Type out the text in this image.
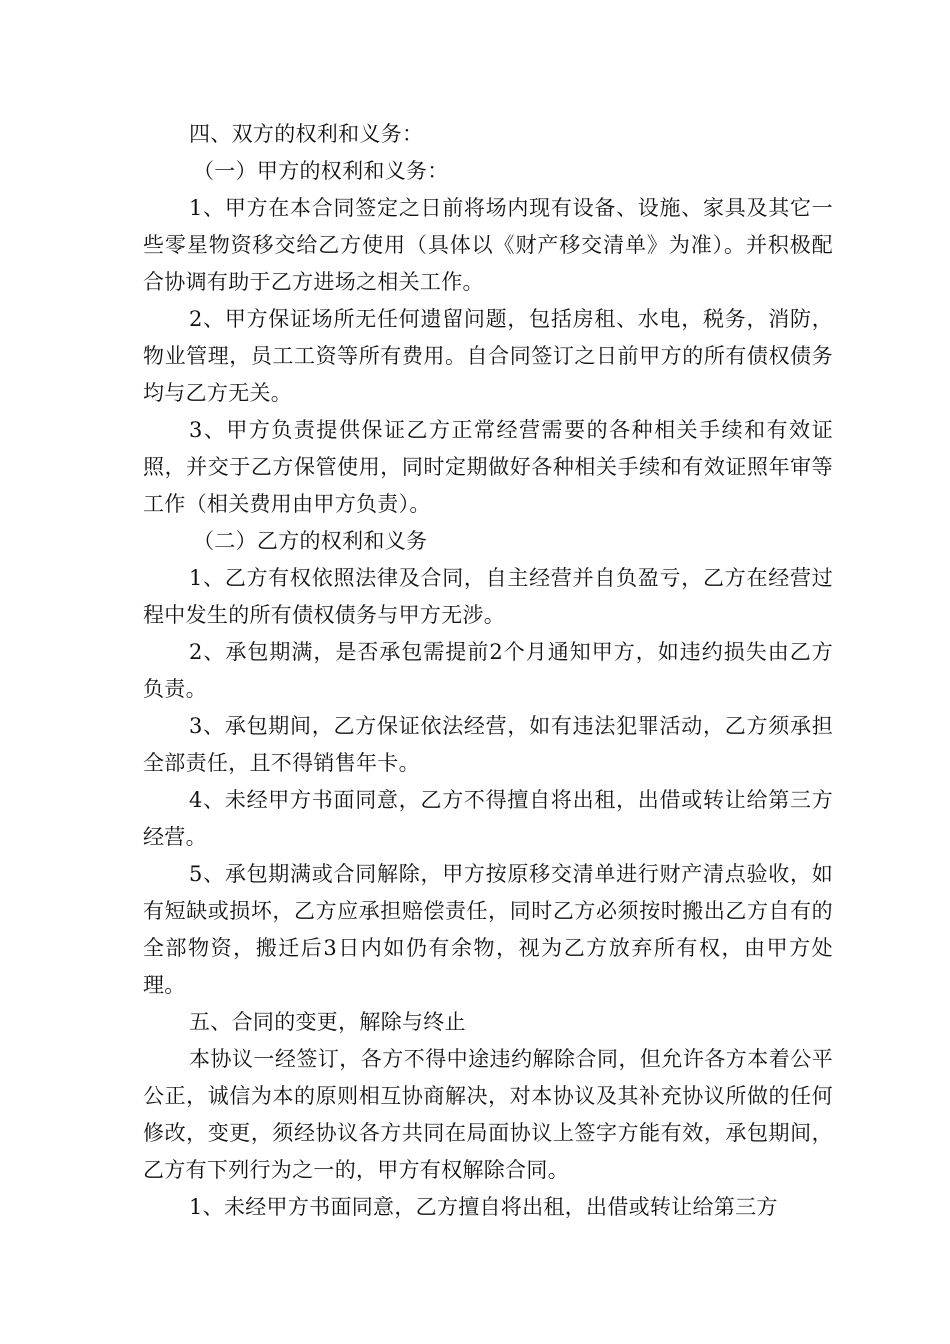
四、双方的权利和义务：

（一）甲方的权利和义务：

1、甲方在本合同签定之日前将场内现有设备、设施、家具及其它一些零星物资移交给乙方使用（具体以《财产移交清单》为准）。并积极配合协调有助于乙方进场之相关工作。

2、甲方保证场所无任何遗留问题，包括房租、水电，税务，消防，物业管理，员工工资等所有费用。自合同签订之日前甲方的所有债权债务均与乙方无关。

3、甲方负责提供保证乙方正常经营需要的各种相关手续和有效证照，并交于乙方保管使用，同时定期做好各种相关手续和有效证照年审等工作（相关费用由甲方负责）。

（二）乙方的权利和义务

1、乙方有权依照法律及合同，自主经营并自负盈亏，乙方在经营过程中发生的所有债权债务与甲方无涉。

2、承包期满，是否承包需提前2个月通知甲方，如违约损失由乙方负责。

3、承包期间，乙方保证依法经营，如有违法犯罪活动，乙方须承担全部责任，且不得销售年卡。

4、未经甲方书面同意，乙方不得擅自将出租，出借或转让给第三方经营。

5、承包期满或合同解除，甲方按原移交清单进行财产清点验收，如有短缺或损坏，乙方应承担赔偿责任，同时乙方必须按时搬出乙方自有的全部物资，搬迁后3日内如仍有余物，视为乙方放弃所有权，由甲方处理。

五、合同的变更，解除与终止

本协议一经签订，各方不得中途违约解除合同，但允许各方本着公平公正，诚信为本的原则相互协商解决，对本协议及其补充协议所做的任何修改，变更，须经协议各方共同在局面协议上签字方能有效，承包期间，乙方有下列行为之一的，甲方有权解除合同。

1、未经甲方书面同意，乙方擅自将出租，出借或转让给第三方
